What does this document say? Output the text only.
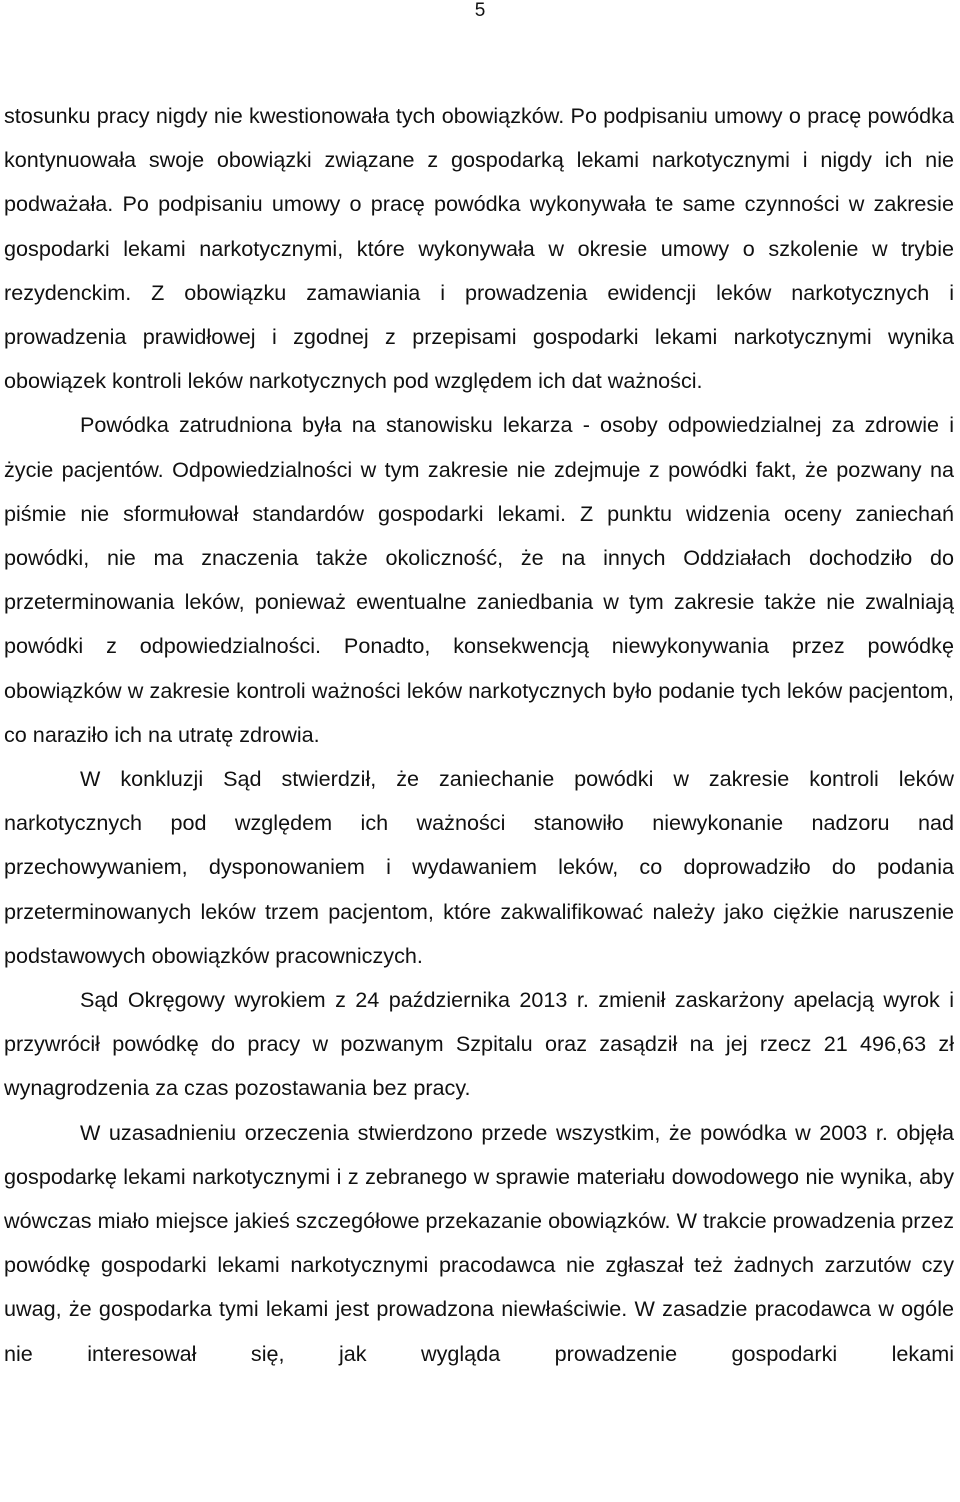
5

stosunku pracy nigdy nie kwestionowała tych obowiązków. Po podpisaniu umowy o pracę powódka kontynuowała swoje obowiązki związane z gospodarką lekami narkotycznymi i nigdy ich nie podważała. Po podpisaniu umowy o pracę powódka wykonywała te same czynności w zakresie gospodarki lekami narkotycznymi, które wykonywała w okresie umowy o szkolenie w trybie rezydenckim. Z obowiązku zamawiania i prowadzenia ewidencji leków narkotycznych i prowadzenia prawidłowej i zgodnej z przepisami gospodarki lekami narkotycznymi wynika obowiązek kontroli leków narkotycznych pod względem ich dat ważności.

Powódka zatrudniona była na stanowisku lekarza - osoby odpowiedzialnej za zdrowie i życie pacjentów. Odpowiedzialności w tym zakresie nie zdejmuje z powódki fakt, że pozwany na piśmie nie sformułował standardów gospodarki lekami. Z punktu widzenia oceny zaniechań powódki, nie ma znaczenia także okoliczność, że na innych Oddziałach dochodziło do przeterminowania leków, ponieważ ewentualne zaniedbania w tym zakresie także nie zwalniają powódki z odpowiedzialności. Ponadto, konsekwencją niewykonywania przez powódkę obowiązków w zakresie kontroli ważności leków narkotycznych było podanie tych leków pacjentom, co naraziło ich na utratę zdrowia.

W konkluzji Sąd stwierdził, że zaniechanie powódki w zakresie kontroli leków narkotycznych pod względem ich ważności stanowiło niewykonanie nadzoru nad przechowywaniem, dysponowaniem i wydawaniem leków, co doprowadziło do podania przeterminowanych leków trzem pacjentom, które zakwalifikować należy jako ciężkie naruszenie podstawowych obowiązków pracowniczych.

Sąd Okręgowy wyrokiem z 24 października 2013 r. zmienił zaskarżony apelacją wyrok i przywrócił powódkę do pracy w pozwanym Szpitalu oraz zasądził na jej rzecz 21 496,63 zł wynagrodzenia za czas pozostawania bez pracy.

W uzasadnieniu orzeczenia stwierdzono przede wszystkim, że powódka w 2003 r. objęła gospodarkę lekami narkotycznymi i z zebranego w sprawie materiału dowodowego nie wynika, aby wówczas miało miejsce jakieś szczegółowe przekazanie obowiązków. W trakcie prowadzenia przez powódkę gospodarki lekami narkotycznymi pracodawca nie zgłaszał też żadnych zarzutów czy uwag, że gospodarka tymi lekami jest prowadzona niewłaściwie. W zasadzie pracodawca w ogóle nie interesował się, jak wygląda prowadzenie gospodarki lekami
